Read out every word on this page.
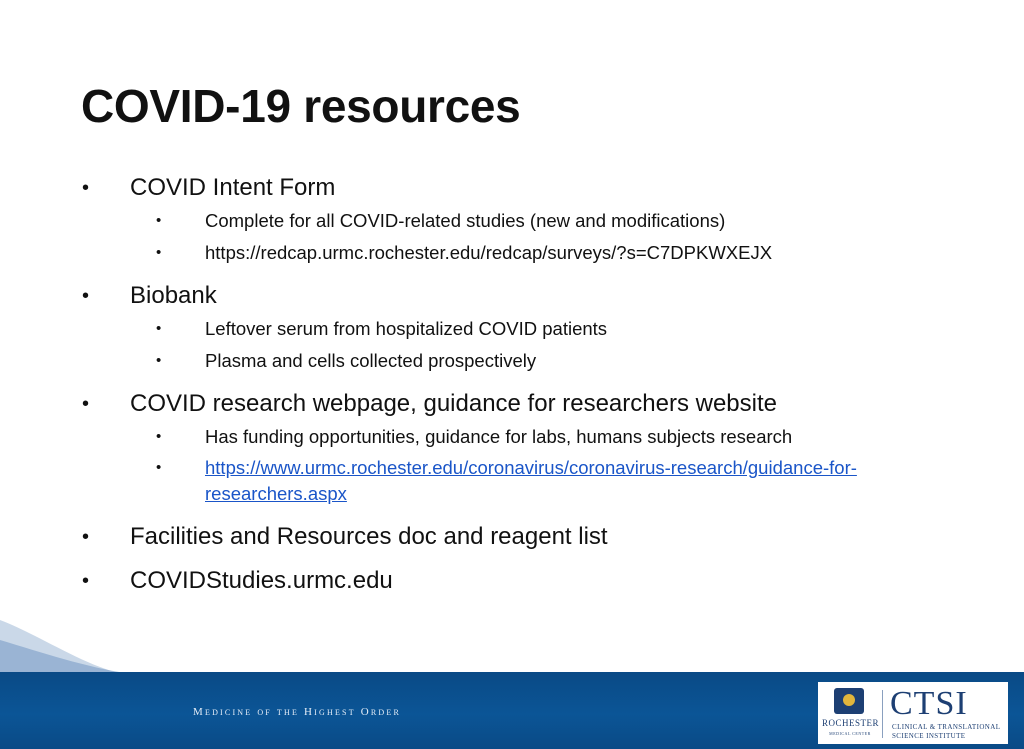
COVID-19 resources
• COVID Intent Form
• Complete for all COVID-related studies (new and modifications)
• https://redcap.urmc.rochester.edu/redcap/surveys/?s=C7DPKWXEJX
• Biobank
• Leftover serum from hospitalized COVID patients
• Plasma and cells collected prospectively
• COVID research webpage, guidance for researchers website
• Has funding opportunities, guidance for labs, humans subjects research
• https://www.urmc.rochester.edu/coronavirus/coronavirus-research/guidance-for-
researchers.aspx
• Facilities and Resources doc and reagent list
• COVIDStudies.urmc.edu
Medicine of the Highest Order
ROCHESTER
MEDICAL CENTER
CTSI
CLINICAL & TRANSLATIONAL
SCIENCE INSTITUTE
